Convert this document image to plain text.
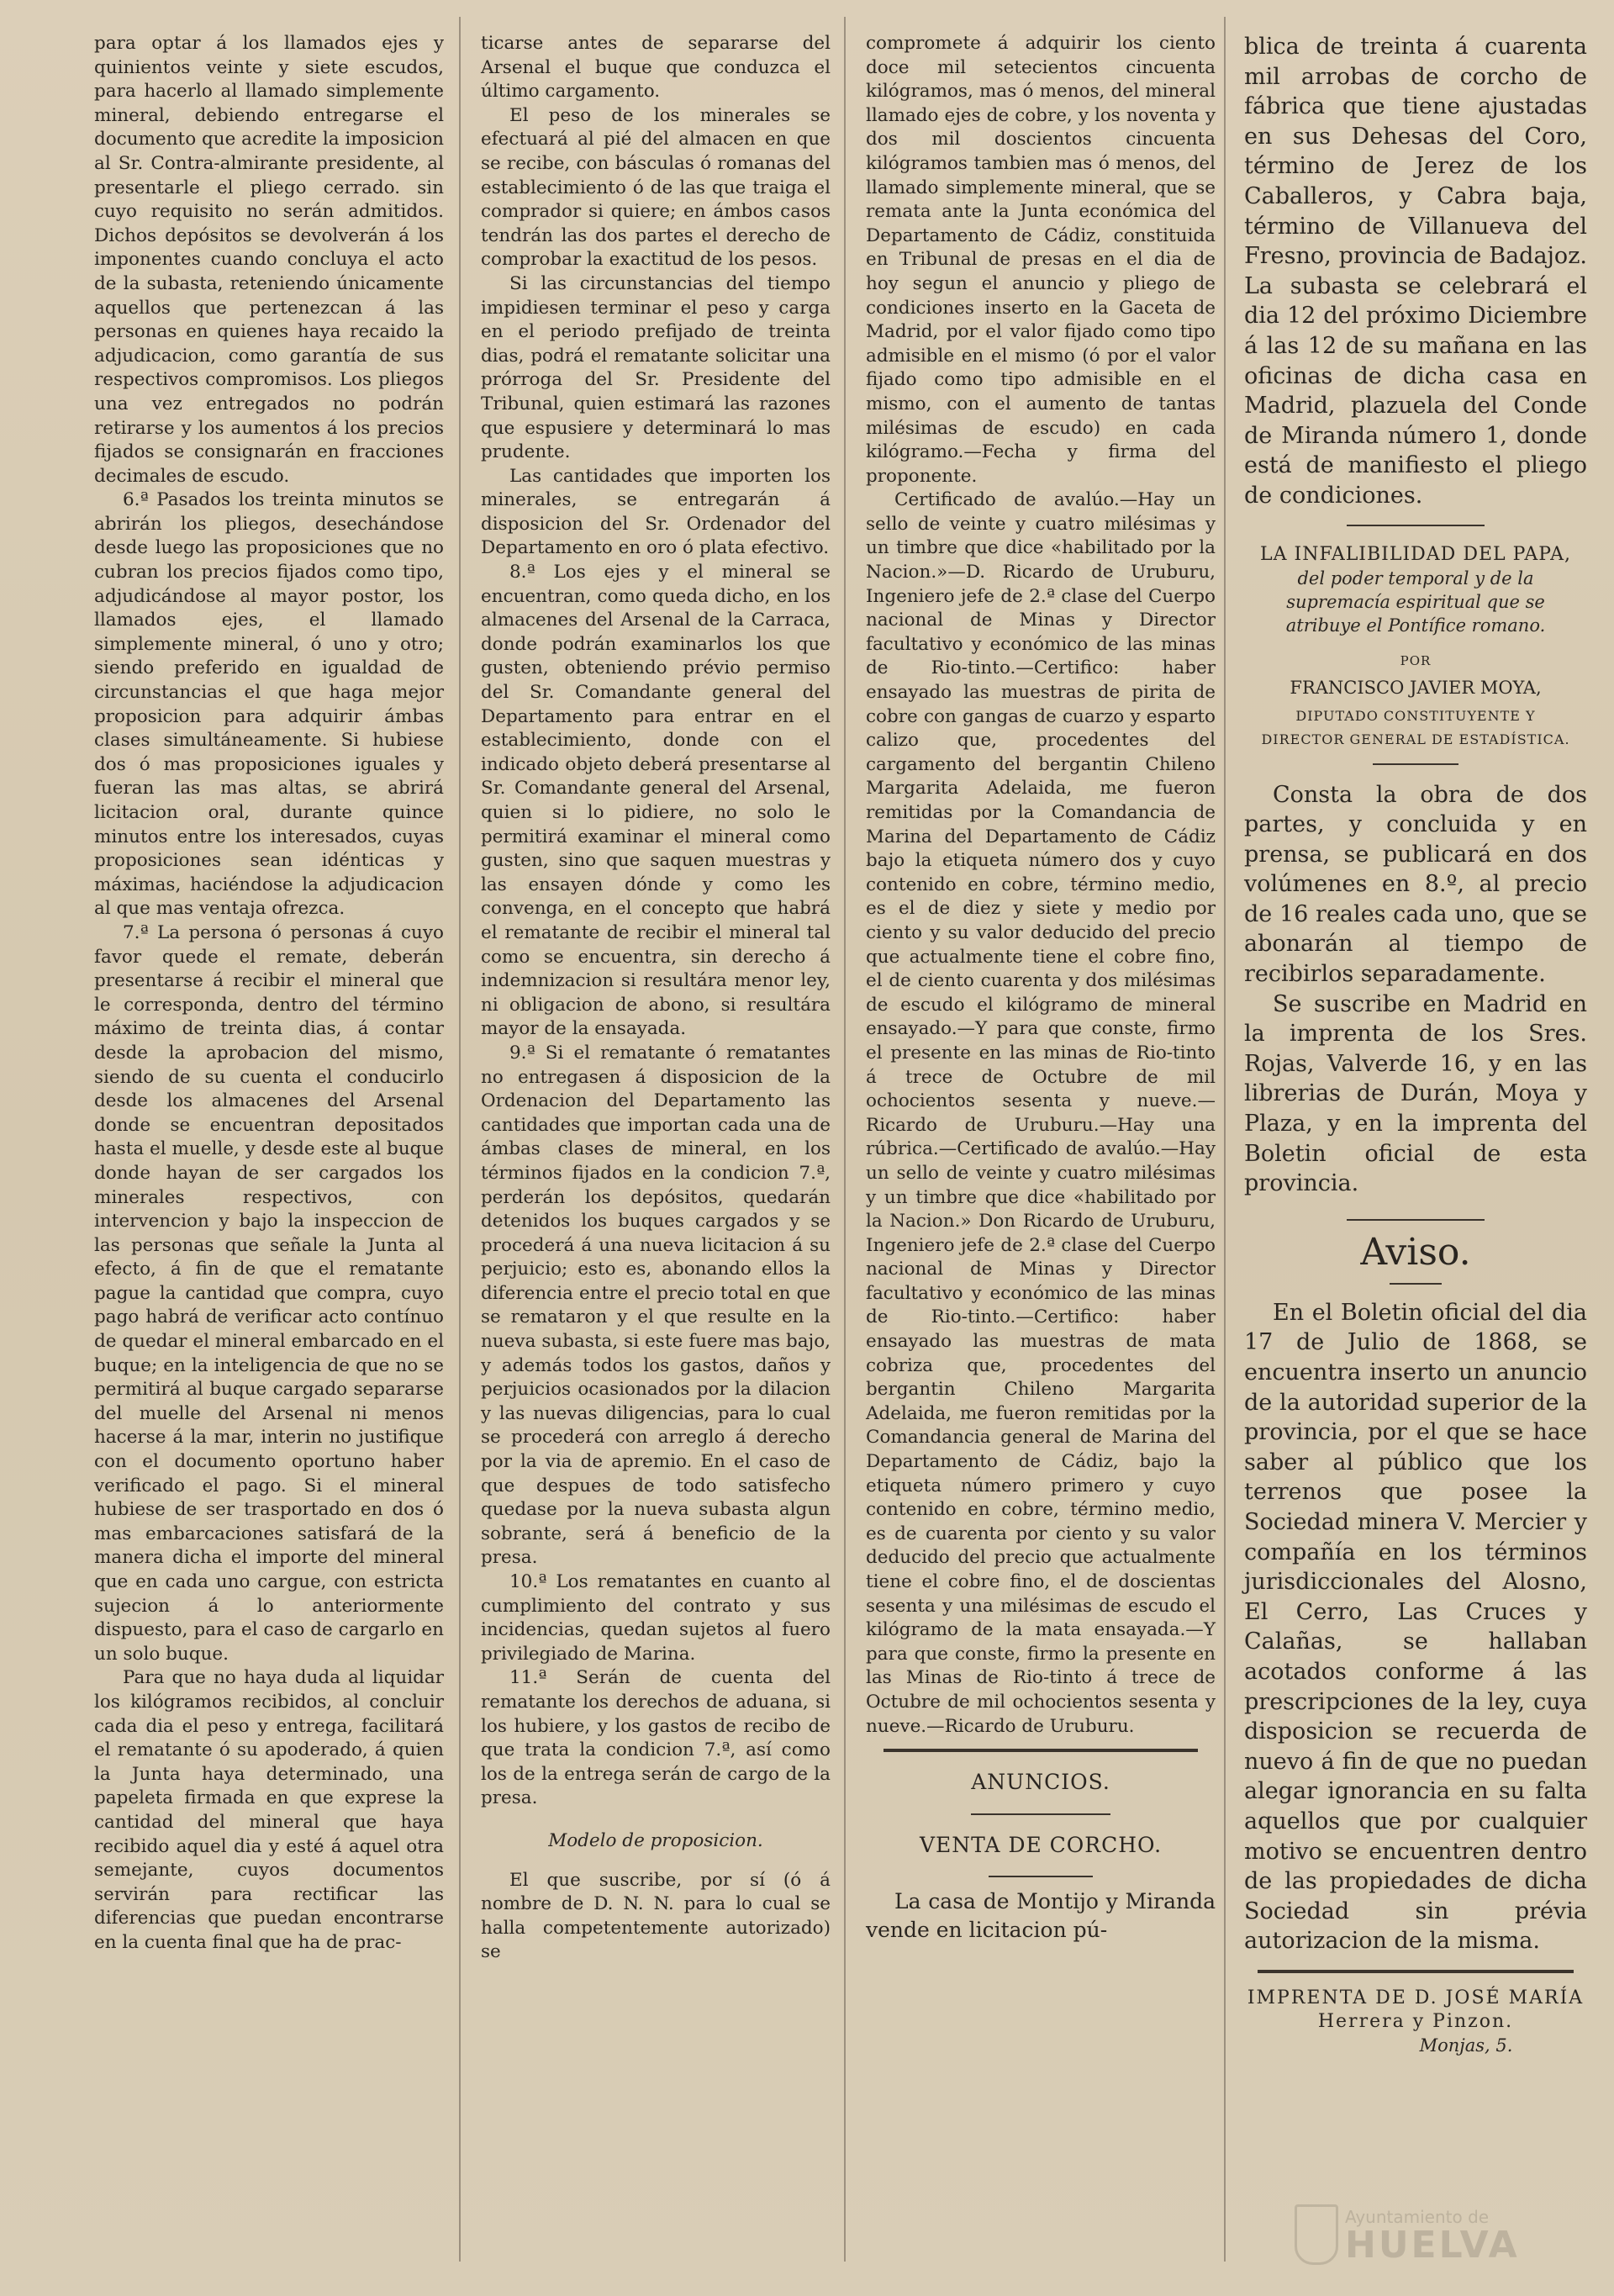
para optar á los llamados ejes y quinientos veinte y siete escudos, para hacerlo al llamado simplemente mineral, debiendo entregarse el documento que acredite la imposicion al Sr. Contra-almirante presidente, al presentarle el pliego cerrado. sin cuyo requisito no serán admitidos. Dichos depósitos se devolverán á los imponentes cuando concluya el acto de la subasta, reteniendo únicamente aquellos que pertenezcan á las personas en quienes haya recaido la adjudicacion, como garantía de sus respectivos compromisos. Los pliegos una vez entregados no podrán retirarse y los aumentos á los precios fijados se consignarán en fracciones decimales de escudo.

6.ª Pasados los treinta minutos se abrirán los pliegos, desechándose desde luego las proposiciones que no cubran los precios fijados como tipo, adjudicándose al mayor postor, los llamados ejes, el llamado simplemente mineral, ó uno y otro; siendo preferido en igualdad de circunstancias el que haga mejor proposicion para adquirir ámbas clases simultáneamente. Si hubiese dos ó mas proposiciones iguales y fueran las mas altas, se abrirá licitacion oral, durante quince minutos entre los interesados, cuyas proposiciones sean idénticas y máximas, haciéndose la adjudicacion al que mas ventaja ofrezca.

7.ª La persona ó personas á cuyo favor quede el remate, deberán presentarse á recibir el mineral que le corresponda, dentro del término máximo de treinta dias, á contar desde la aprobacion del mismo, siendo de su cuenta el conducirlo desde los almacenes del Arsenal donde se encuentran depositados hasta el muelle, y desde este al buque donde hayan de ser cargados los minerales respectivos, con intervencion y bajo la inspeccion de las personas que señale la Junta al efecto, á fin de que el rematante pague la cantidad que compra, cuyo pago habrá de verificar acto contínuo de quedar el mineral embarcado en el buque; en la inteligencia de que no se permitirá al buque cargado separarse del muelle del Arsenal ni menos hacerse á la mar, interin no justifique con el documento oportuno haber verificado el pago. Si el mineral hubiese de ser trasportado en dos ó mas embarcaciones satisfará de la manera dicha el importe del mineral que en cada uno cargue, con estricta sujecion á lo anteriormente dispuesto, para el caso de cargarlo en un solo buque.

Para que no haya duda al liquidar los kilógramos recibidos, al concluir cada dia el peso y entrega, facilitará el rematante ó su apoderado, á quien la Junta haya determinado, una papeleta firmada en que exprese la cantidad del mineral que haya recibido aquel dia y esté á aquel otra semejante, cuyos documentos servirán para rectificar las diferencias que puedan encontrarse en la cuenta final que ha de prac-

ticarse antes de separarse del Arsenal el buque que conduzca el último cargamento.

El peso de los minerales se efectuará al pié del almacen en que se recibe, con básculas ó romanas del establecimiento ó de las que traiga el comprador si quiere; en ámbos casos tendrán las dos partes el derecho de comprobar la exactitud de los pesos.

Si las circunstancias del tiempo impidiesen terminar el peso y carga en el periodo prefijado de treinta dias, podrá el rematante solicitar una prórroga del Sr. Presidente del Tribunal, quien estimará las razones que espusiere y determinará lo mas prudente.

Las cantidades que importen los minerales, se entregarán á disposicion del Sr. Ordenador del Departamento en oro ó plata efectivo.

8.ª Los ejes y el mineral se encuentran, como queda dicho, en los almacenes del Arsenal de la Carraca, donde podrán examinarlos los que gusten, obteniendo prévio permiso del Sr. Comandante general del Departamento para entrar en el establecimiento, donde con el indicado objeto deberá presentarse al Sr. Comandante general del Arsenal, quien si lo pidiere, no solo le permitirá examinar el mineral como gusten, sino que saquen muestras y las ensayen dónde y como les convenga, en el concepto que habrá el rematante de recibir el mineral tal como se encuentra, sin derecho á indemnizacion si resultára menor ley, ni obligacion de abono, si resultára mayor de la ensayada.

9.ª Si el rematante ó rematantes no entregasen á disposicion de la Ordenacion del Departamento las cantidades que importan cada una de ámbas clases de mineral, en los términos fijados en la condicion 7.ª, perderán los depósitos, quedarán detenidos los buques cargados y se procederá á una nueva licitacion á su perjuicio; esto es, abonando ellos la diferencia entre el precio total en que se remataron y el que resulte en la nueva subasta, si este fuere mas bajo, y además todos los gastos, daños y perjuicios ocasionados por la dilacion y las nuevas diligencias, para lo cual se procederá con arreglo á derecho por la via de apremio. En el caso de que despues de todo satisfecho quedase por la nueva subasta algun sobrante, será á beneficio de la presa.

10.ª Los rematantes en cuanto al cumplimiento del contrato y sus incidencias, quedan sujetos al fuero privilegiado de Marina.

11.ª Serán de cuenta del rematante los derechos de aduana, si los hubiere, y los gastos de recibo de que trata la condicion 7.ª, así como los de la entrega serán de cargo de la presa.

Modelo de proposicion.

El que suscribe, por sí (ó á nombre de D. N. N. para lo cual se halla competentemente autorizado) se

compromete á adquirir los ciento doce mil setecientos cincuenta kilógramos, mas ó menos, del mineral llamado ejes de cobre, y los noventa y dos mil doscientos cincuenta kilógramos tambien mas ó menos, del llamado simplemente mineral, que se remata ante la Junta económica del Departamento de Cádiz, constituida en Tribunal de presas en el dia de hoy segun el anuncio y pliego de condiciones inserto en la Gaceta de Madrid, por el valor fijado como tipo admisible en el mismo (ó por el valor fijado como tipo admisible en el mismo, con el aumento de tantas milésimas de escudo) en cada kilógramo.—Fecha y firma del proponente.

Certificado de avalúo.—Hay un sello de veinte y cuatro milésimas y un timbre que dice «habilitado por la Nacion.»—D. Ricardo de Uruburu, Ingeniero jefe de 2.ª clase del Cuerpo nacional de Minas y Director facultativo y económico de las minas de Rio-tinto.—Certifico: haber ensayado las muestras de pirita de cobre con gangas de cuarzo y esparto calizo que, procedentes del cargamento del bergantin Chileno Margarita Adelaida, me fueron remitidas por la Comandancia de Marina del Departamento de Cádiz bajo la etiqueta número dos y cuyo contenido en cobre, término medio, es el de diez y siete y medio por ciento y su valor deducido del precio que actualmente tiene el cobre fino, el de ciento cuarenta y dos milésimas de escudo el kilógramo de mineral ensayado.—Y para que conste, firmo el presente en las minas de Rio-tinto á trece de Octubre de mil ochocientos sesenta y nueve.—Ricardo de Uruburu.—Hay una rúbrica.—Certificado de avalúo.—Hay un sello de veinte y cuatro milésimas y un timbre que dice «habilitado por la Nacion.» Don Ricardo de Uruburu, Ingeniero jefe de 2.ª clase del Cuerpo nacional de Minas y Director facultativo y económico de las minas de Rio-tinto.—Certifico: haber ensayado las muestras de mata cobriza que, procedentes del bergantin Chileno Margarita Adelaida, me fueron remitidas por la Comandancia general de Marina del Departamento de Cádiz, bajo la etiqueta número primero y cuyo contenido en cobre, término medio, es de cuarenta por ciento y su valor deducido del precio que actualmente tiene el cobre fino, el de doscientas sesenta y una milésimas de escudo el kilógramo de la mata ensayada.—Y para que conste, firmo la presente en las Minas de Rio-tinto á trece de Octubre de mil ochocientos sesenta y nueve.—Ricardo de Uruburu.

ANUNCIOS.
VENTA DE CORCHO.

La casa de Montijo y Miranda vende en licitacion pú-

blica de treinta á cuarenta mil arrobas de corcho de fábrica que tiene ajustadas en sus Dehesas del Coro, término de Jerez de los Caballeros, y Cabra baja, término de Villanueva del Fresno, provincia de Badajoz. La subasta se celebrará el dia 12 del próximo Diciembre á las 12 de su mañana en las oficinas de dicha casa en Madrid, plazuela del Conde de Miranda número 1, donde está de manifiesto el pliego de condiciones.

LA INFALIBILIDAD DEL PAPA,

del poder temporal y de la supremacía espiritual que se atribuye el Pontífice romano.

POR

FRANCISCO JAVIER MOYA,

DIPUTADO CONSTITUYENTE Y DIRECTOR GENERAL DE ESTADÍSTICA.

Consta la obra de dos partes, y concluida y en prensa, se publicará en dos volúmenes en 8.º, al precio de 16 reales cada uno, que se abonarán al tiempo de recibirlos separadamente.

Se suscribe en Madrid en la imprenta de los Sres. Rojas, Valverde 16, y en las librerias de Durán, Moya y Plaza, y en la imprenta del Boletin oficial de esta provincia.

Aviso.

En el Boletin oficial del dia 17 de Julio de 1868, se encuentra inserto un anuncio de la autoridad superior de la provincia, por el que se hace saber al público que los terrenos que posee la Sociedad minera V. Mercier y compañía en los términos jurisdiccionales del Alosno, El Cerro, Las Cruces y Calañas, se hallaban acotados conforme á las prescripciones de la ley, cuya disposicion se recuerda de nuevo á fin de que no puedan alegar ignorancia en su falta aquellos que por cualquier motivo se encuentren dentro de las propiedades de dicha Sociedad sin prévia autorizacion de la misma.

IMPRENTA DE D. JOSÉ MARÍA Herrera y Pinzon.

Monjas, 5.

Ayuntamiento de
HUELVA
